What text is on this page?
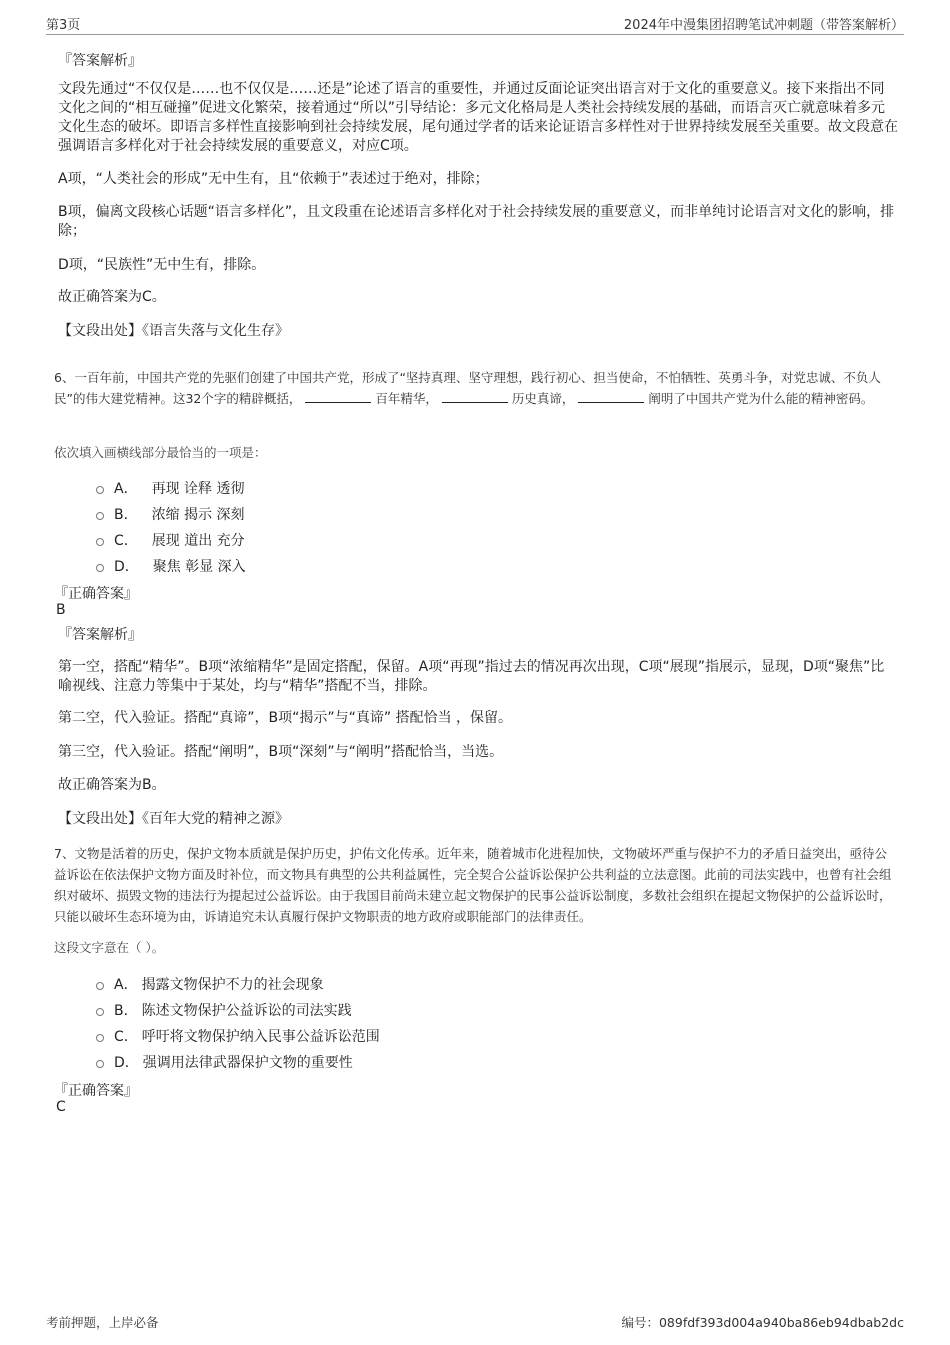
第3页	2024年中漫集团招聘笔试冲刺题（带答案解析）
『答案解析』
文段先通过“不仅仅是……也不仅仅是……还是”论述了语言的重要性，并通过反面论证突出语言对于文化的重要意义。接下来指出不同文化之间的“相互碰撞”促进文化繁荣，接着通过“所以”引导结论：多元文化格局是人类社会持续发展的基础，而语言灭亡就意味着多元文化生态的破坏。即语言多样性直接影响到社会持续发展，尾句通过学者的话来论证语言多样性对于世界持续发展至关重要。故文段意在强调语言多样化对于社会持续发展的重要意义，对应C项。
A项，“人类社会的形成”无中生有，且“依赖于”表述过于绝对，排除；
B项，偏离文段核心话题“语言多样化”，且文段重在论述语言多样化对于社会持续发展的重要意义，而非单纯讨论语言对文化的影响，排除；
D项，“民族性”无中生有，排除。
故正确答案为C。
【文段出处】《语言失落与文化生存》
6、一百年前，中国共产党的先驱们创建了中国共产党，形成了“坚持真理、坚守理想，践行初心、担当使命，不怕牺牲、英勇斗争，对党忠诚、不负人民”的伟大建党精神。这32个字的精辟概括，	百年精华，	历史真谛，	阐明了中国共产党为什么能的精神密码。
依次填入画横线部分最恰当的一项是：
A． 再现 诠释 透彻
B． 浓缩 揭示 深刻
C． 展现 道出 充分
D． 聚焦 彰显 深入
『正确答案』
B
『答案解析』
第一空，搭配“精华”。B项“浓缩精华”是固定搭配，保留。A项“再现”指过去的情况再次出现，C项“展现”指展示，显现，D项“聚焦”比喻视线、注意力等集中于某处，均与“精华”搭配不当，排除。
第二空，代入验证。搭配“真谛”，B项“揭示”与“真谛” 搭配恰当 ，保留。
第三空，代入验证。搭配“阐明”，B项“深刻”与“阐明”搭配恰当，当选。
故正确答案为B。
【文段出处】《百年大党的精神之源》
7、文物是活着的历史，保护文物本质就是保护历史，护佑文化传承。近年来，随着城市化进程加快，文物破坏严重与保护不力的矛盾日益突出，亟待公益诉讼在依法保护文物方面及时补位，而文物具有典型的公共利益属性，完全契合公益诉讼保护公共利益的立法意图。此前的司法实践中，也曾有社会组织对破坏、损毁文物的违法行为提起过公益诉讼。由于我国目前尚未建立起文物保护的民事公益诉讼制度，多数社会组织在提起文物保护的公益诉讼时，只能以破坏生态环境为由，诉请追究未认真履行保护文物职责的地方政府或职能部门的法律责任。
这段文字意在（ ）。
A． 揭露文物保护不力的社会现象
B． 陈述文物保护公益诉讼的司法实践
C． 呼吁将文物保护纳入民事公益诉讼范围
D． 强调用法律武器保护文物的重要性
『正确答案』
C
考前押题，上岸必备	编号：089fdf393d004a940ba86eb94dbab2dc
